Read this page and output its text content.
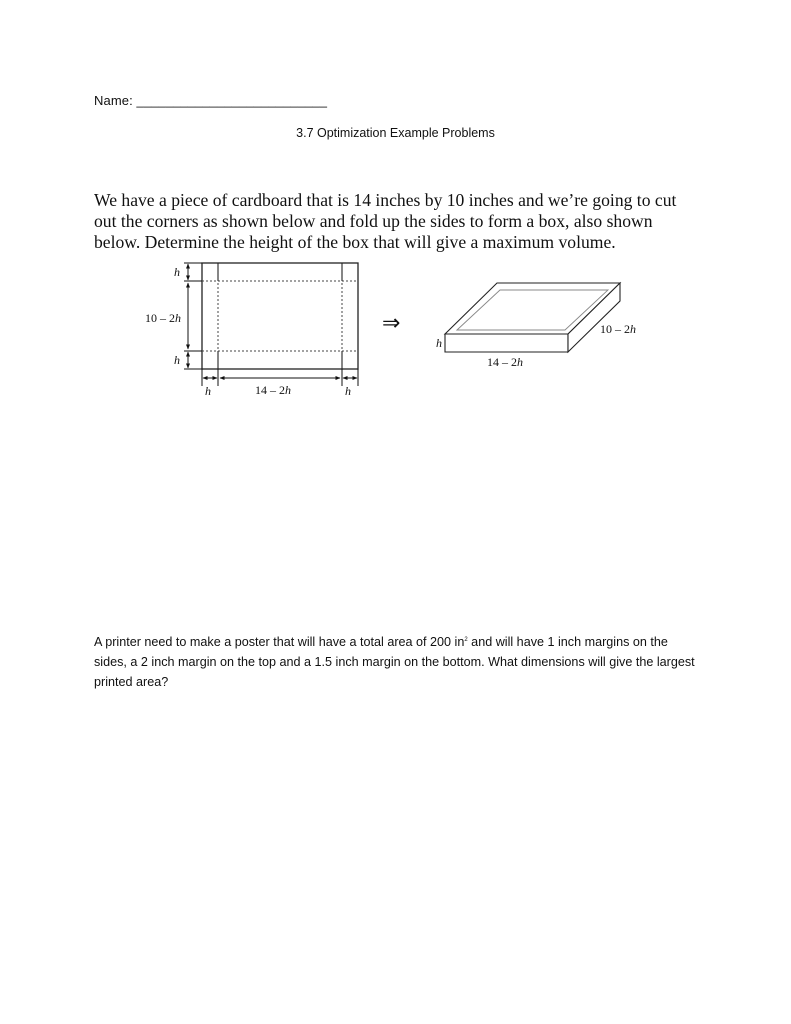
Name: __________________________
3.7 Optimization Example Problems
We have a piece of cardboard that is 14 inches by 10 inches and we’re going to cut out the corners as shown below and fold up the sides to form a box, also shown below. Determine the height of the box that will give a maximum volume.
h
10 – 2h
h
h	14 – 2h	h
⇒	10 – 2h
h
14 – 2h
A printer need to make a poster that will have a total area of 200 $in^2$ and will have 1 inch margins on the sides, a 2 inch margin on the top and a 1.5 inch margin on the bottom. What dimensions will give the largest printed area?
